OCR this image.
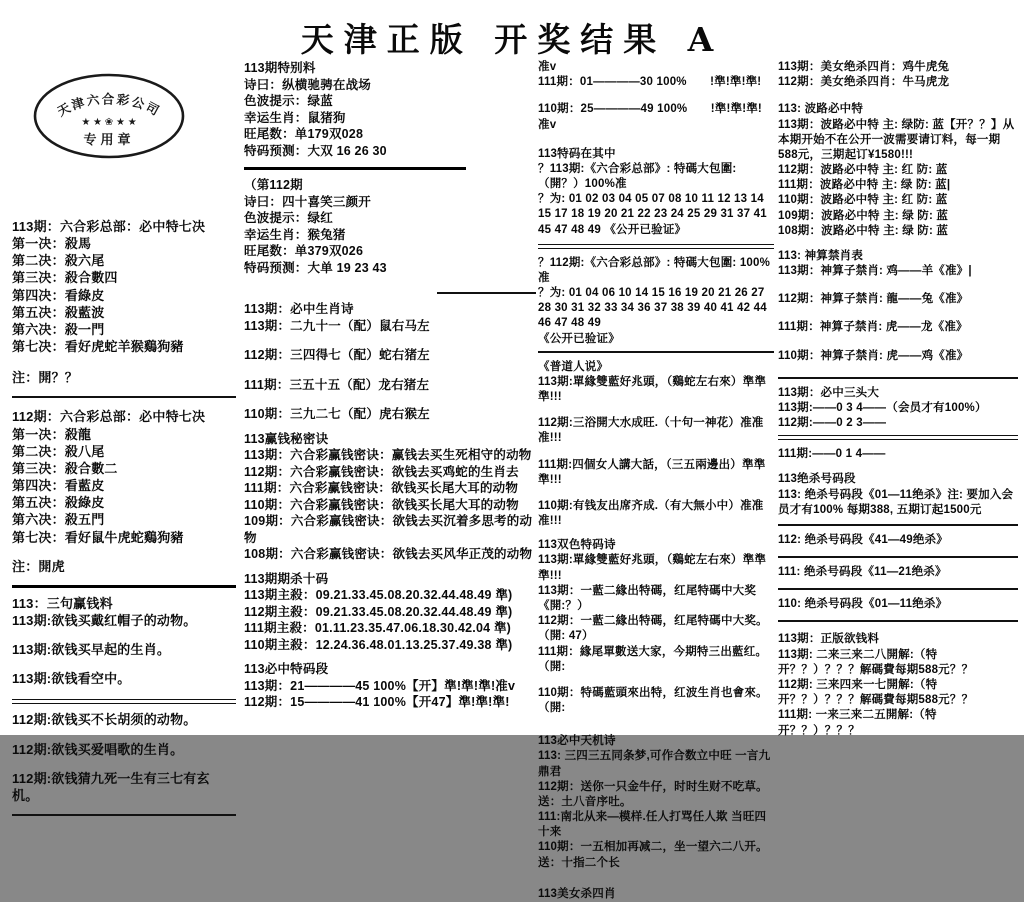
天津正版 开奖结果 A
天津六合彩公司
★ ★ ❀ ★ ★
专用章
113期：六合彩总部：必中特七决
第一决：殺馬
第二决：殺六尾
第三决：殺合數四
第四决：看綠皮
第五决：殺藍波
第六决：殺一門
第七决：看好虎蛇羊猴鷄狗豬
注：開？？
112期：六合彩总部：必中特七决
第一决：殺龍
第二决：殺八尾
第三决：殺合數二
第四决：看藍皮
第五决：殺綠皮
第六决：殺五門
第七决：看好鼠牛虎蛇鷄狗豬
注：開虎
113：三句赢钱料
113期:欲钱买戴红帽子的动物。
113期:欲钱买早起的生肖。
113期:欲钱看空中。
112期:欲钱买不长胡须的动物。
112期:欲钱买爱唱歌的生肖。
112期:欲钱猜九死一生有三七有玄机。
113期特别料
诗曰：纵横驰骋在战场
色波提示：绿蓝
幸运生肖：鼠猪狗
旺尾数：单179双028
特码预测：大双 16 26 30
（第112期
诗曰：四十喜笑三颜开
色波提示：绿红
幸运生肖：猴兔猪
旺尾数：单379双026
特码预测：大单 19 23 43
113期：必中生肖诗
113期：二九十一（配）鼠右马左
112期：三四得七（配）蛇右猪左
111期：三五十五（配）龙右猪左
110期：三九二七（配）虎右猴左
113赢钱秘密诀
113期：六合彩赢钱密诀：赢钱去买生死相守的动物
112期：六合彩赢钱密诀：欲钱去买鸡蛇的生肖去
111期：六合彩赢钱密诀：欲钱买长尾大耳的动物
110期：六合彩赢钱密诀：欲钱买长尾大耳的动物
109期：六合彩赢钱密诀：欲钱去买沉着多思考的动物
108期：六合彩赢钱密诀：欲钱去买风华正茂的动物
113期期杀十码
113期主殺：09.21.33.45.08.20.32.44.48.49 準)
112期主殺：09.21.33.45.08.20.32.44.48.49 準)
111期主殺：01.11.23.35.47.06.18.30.42.04 準)
110期主殺：12.24.36.48.01.13.25.37.49.38 準)
113必中特码段
113期：21————45 100%【开】準!準!準!准v
112期：15————41 100%【开47】準!準!準!
准v
111期：01————30 100%　　!準!準!準!
110期：25————49 100%　　!準!準!準!
准v
113特码在其中
？113期:《六合彩总部》: 特碼大包圍:（開？）100%准
？为: 01 02 03 04 05 07 08 10 11 12 13 14 15 17 18 19 20 21 22 23 24 25 29 31 37 41 45 47 48 49 《公开已验证》
？112期:《六合彩总部》: 特碼大包圍: 100%准
？为: 01 04 06 10 14 15 16 19 20 21 26 27 28 30 31 32 33 34 36 37 38 39 40 41 42 44 46 47 48 49
《公开已验证》
《普道人说》
113期:單緣雙藍好兆頭，（鷄蛇左右來）準準準!!!
112期:三浴開大水成旺.（十句一神花）准准准!!!
111期:四個女人講大話，（三五兩邊出）準準準!!!
110期:有钱友出席齐成.（有大無小中）准准准!!!
113双色特码诗
113期:單緣雙藍好兆頭，（鷄蛇左右來）準準準!!!
113期：一藍二緣出特碼，红尾特碼中大奖《開:？）
112期：一藍二緣出特碼，红尾特碼中大奖。（開: 47）
111期：緣尾單數送大家，今期特三出藍红。（開:
110期：特碼藍頭來出特，红波生肖也會來。（開:
113必中天机诗
113: 三四三五同条梦,可作合数立中旺 一言九鼎君
112期：送你一只金牛仔，时时生财不吃草。送：土八音序吐。
111:南北从来—模样.任人打骂任人欺 当旺四十来
110期：一五相加再减二，坐一望六二八开。送：十指二个长
113美女杀四肖
113期：美女绝杀四肖：鸡牛虎兔
112期：美女绝杀四肖：牛马虎龙
113: 波路必中特
113期：波路必中特 主: 绿防: 蓝【开？？】从本期开始不在公开一波需要请订料，每一期588元，三期起订¥1580!!!
112期：波路必中特 主: 红 防: 蓝
111期：波路必中特 主: 绿 防: 蓝|
110期：波路必中特 主: 红 防: 蓝
109期：波路必中特 主: 绿 防: 蓝
108期：波路必中特 主: 绿 防: 蓝
113: 神算禁肖表
113期：神算子禁肖: 鸡——羊《准》|
112期：神算子禁肖: 龍——兔《准》
111期：神算子禁肖: 虎——龙《准》
110期：神算子禁肖: 虎——鸡《准》
113期：必中三头大
113期:——0 3 4——（会员才有100%）
112期:——0 2 3——
111期:——0 1 4——
113绝杀号码段
113: 绝杀号码段《01—11绝杀》注: 要加入会员才有100% 每期388, 五期订起1500元
112: 绝杀号码段《41—49绝杀》
111: 绝杀号码段《11—21绝杀》
110: 绝杀号码段《01—11绝杀》
113期：正版欲钱料
113期: 二来三来二八開解:（特开？？）？？？解碼費每期588元？？
112期: 三来四来一七開解:（特开？？）？？？解碼費每期588元？？
111期: 一来三来二五開解:（特开？？）？？？
